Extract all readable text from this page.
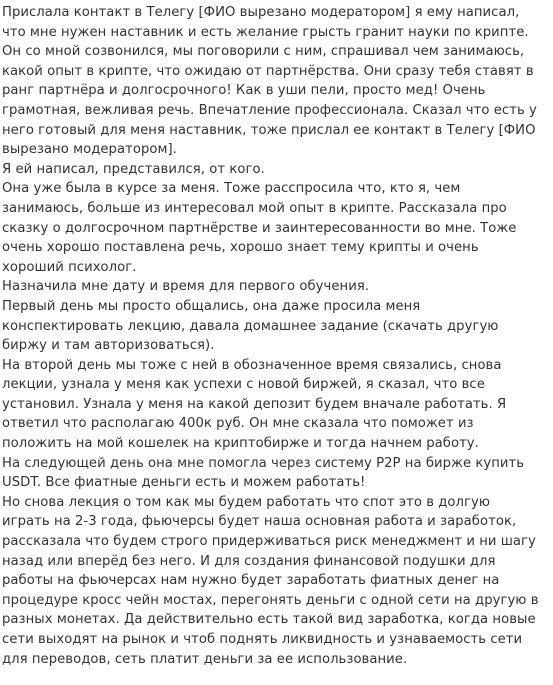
Прислала контакт в Телегу [ФИО вырезано модератором] я ему написал, что мне нужен наставник и есть желание грысть гранит науки по крипте. Он со мной созвонился, мы поговорили с ним, спрашивал чем занимаюсь, какой опыт в крипте, что ожидаю от партнёрства. Они сразу тебя ставят в ранг партнёра и долгосрочного! Как в уши пели, просто мед! Очень грамотная, вежливая речь. Впечатление профессионала. Сказал что есть у него готовый для меня наставник, тоже прислал ее контакт в Телегу [ФИО вырезано модератором].

Я ей написал, представился, от кого.

Она уже была в курсе за меня. Тоже расспросила что, кто я, чем занимаюсь, больше из интересовал мой опыт в крипте. Рассказала про сказку о долгосрочном партнёрстве и заинтересованности во мне. Тоже очень хорошо поставлена речь, хорошо знает тему крипты и очень хороший психолог.

Назначила мне дату и время для первого обучения.

Первый день мы просто общались, она даже просила меня конспектировать лекцию, давала домашнее задание (скачать другую биржу и там авторизоваться).

На второй день мы тоже с ней в обозначенное время связались, снова лекции, узнала у меня как успехи с новой биржей, я сказал, что все установил. Узнала у меня на какой депозит будем вначале работать. Я ответил что располагаю 400к руб. Он мне сказала что поможет из положить на мой кошелек на криптобирже и тогда начнем работу.

На следующей день она мне помогла через систему P2P на бирже купить USDT. Все фиатные деньги есть и можем работать!

Но снова лекция о том как мы будем работать что спот это в долгую играть на 2-3 года, фьючерсы будет наша основная работа и заработок, рассказала что будем строго придерживаться риск менеджмент и ни шагу назад или вперёд без него. И для создания финансовой подушки для работы на фьючерсах нам нужно будет заработать фиатных денег на процедуре кросс чейн мостах, перегонять деньги с одной сети на другую в разных монетах. Да действительно есть такой вид заработка, когда новые сети выходят на рынок и чтоб поднять ликвидность и узнаваемость сети для переводов, сеть платит деньги за ее использование.
